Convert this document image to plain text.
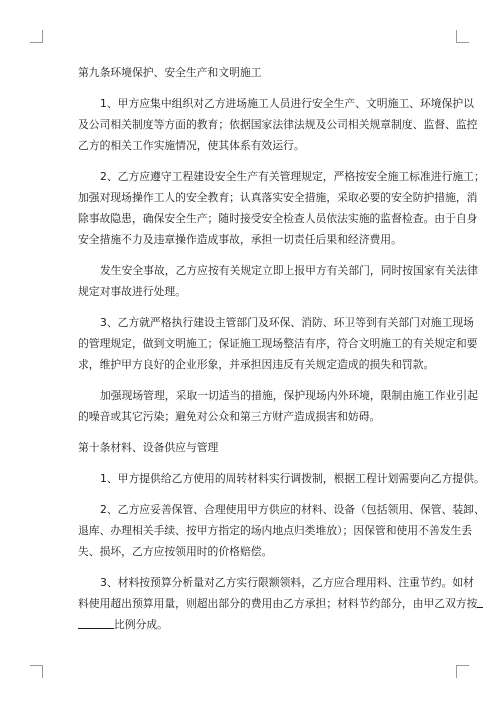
第九条环境保护、安全生产和文明施工

1、甲方应集中组织对乙方进场施工人员进行安全生产、文明施工、环境保护以

及公司相关制度等方面的教育；依据国家法律法规及公司相关规章制度、监督、监控

乙方的相关工作实施情况，使其体系有效运行。

2、乙方应遵守工程建设安全生产有关管理规定，严格按安全施工标准进行施工；

加强对现场操作工人的安全教育；认真落实安全措施，采取必要的安全防护措施，消

除事故隐患，确保安全生产；随时接受安全检查人员依法实施的监督检查。由于自身

安全措施不力及违章操作造成事故，承担一切责任后果和经济费用。

发生安全事故，乙方应按有关规定立即上报甲方有关部门，同时按国家有关法律

规定对事故进行处理。

3、乙方就严格执行建设主管部门及环保、消防、环卫等到有关部门对施工现场

的管理规定，做到文明施工；保证施工现场整洁有序，符合文明施工的有关规定和要

求，维护甲方良好的企业形象，并承担因违反有关规定造成的损失和罚款。

加强现场管理，采取一切适当的措施，保护现场内外环境，限制由施工作业引起

的噪音或其它污染；避免对公众和第三方财产造成损害和妨碍。

第十条材料、设备供应与管理

1、甲方提供给乙方使用的周转材料实行调拨制，根据工程计划需要向乙方提供。

2、乙方应妥善保管、合理使用甲方供应的材料、设备（包括领用、保管、装卸、

退库、办理相关手续、按甲方指定的场内地点归类堆放）；因保管和使用不善发生丢

失、损坏，乙方应按领用时的价格赔偿。

3、材料按预算分析量对乙方实行限额领料，乙方应合理用料、注重节约。如材

料使用超出预算用量，则超出部分的费用由乙方承担；材料节约部分，由甲乙双方按

比例分成。
